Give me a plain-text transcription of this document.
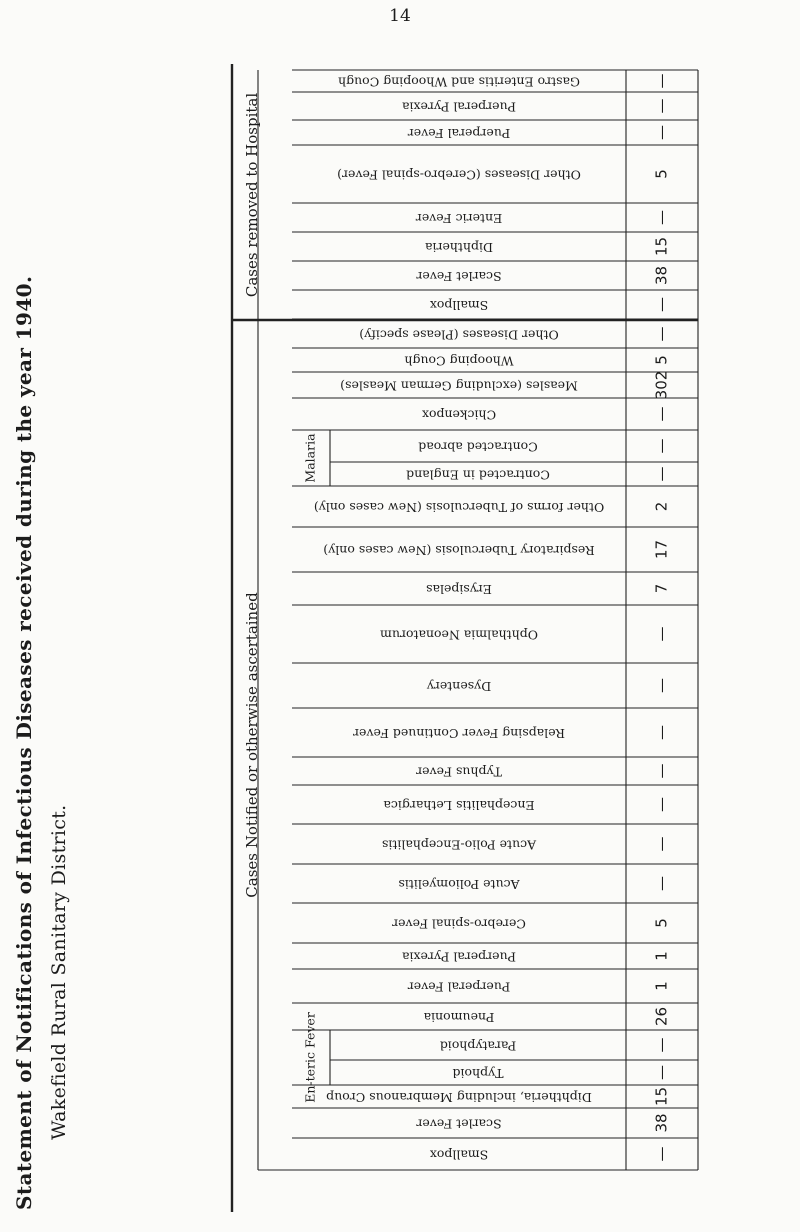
14
Statement of Notifications of Infectious Diseases received during the year 1940. Wakefield Rural Sanitary District.
Gastro Enteritis and Whooping Cough
Puerperal Pyrexia
Puerperal Fever
Other Diseases (Cerebro-spinal Fever)
Enteric Fever
Diphtheria
Scarlet Fever
Smallpox
Other Diseases (Please specify)
Whooping Cough
Measles (excluding German Measles)
Chickenpox
Contracted abroad
Contracted in England
Other forms of Tuberculosis (New cases only)
Respiratory Tuberculosis (New cases only)
Erysipelas
Ophthalmia Neonatorum
Dysentery
Relapsing Fever Continued Fever
Typhus Fever
Encephalitis Lethargica
Acute Polio-Encephalitis
Acute Poliomyelitis
Cerebro-spinal Fever
Puerperal Pyrexia
Puerperal Fever
Pneumonia
Paratyphoid
Typhoid
Diphtheria, including Membranous Croup
Scarlet Fever
Smallpox
Malaria
En-teric Fever
Cases removed to Hospital
Cases Notified or otherwise ascertained
—
—
—
5
—
15
38
—
—
5
302
—
—
—
2
17
7
—
—
—
—
—
—
—
5
1
1
26
—
—
15
38
—
